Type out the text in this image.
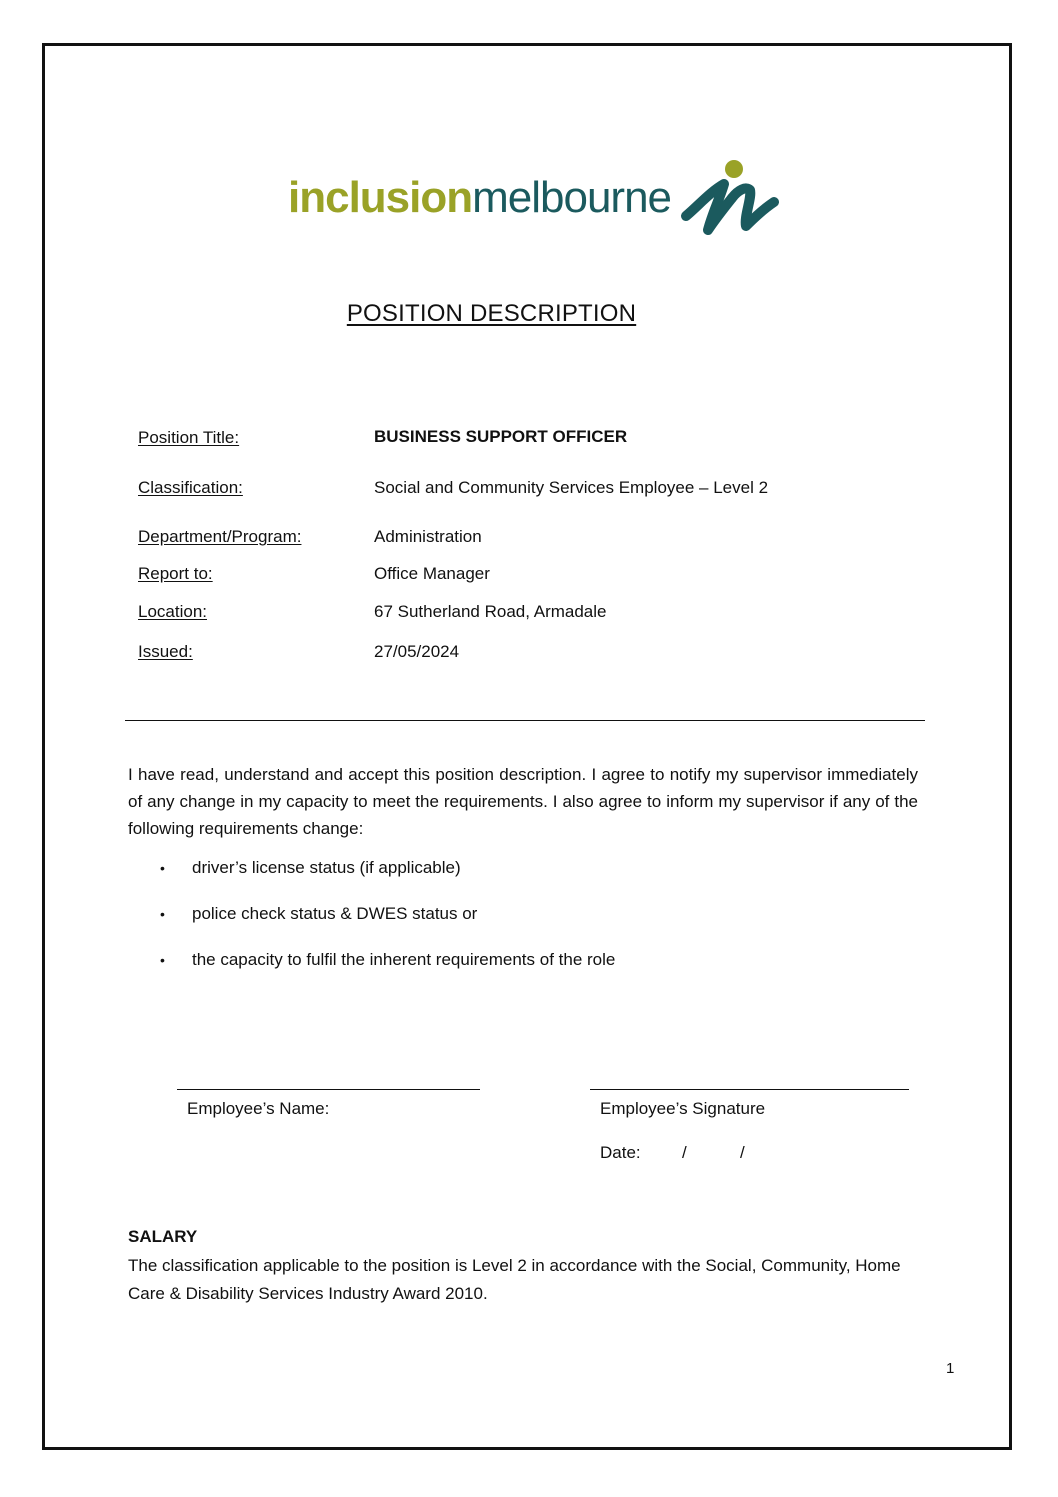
inclusionmelbourne
POSITION DESCRIPTION
Position Title:	BUSINESS SUPPORT OFFICER
Classification:	Social and Community Services Employee – Level 2
Department/Program:	Administration
Report to:	Office Manager
Location:	67 Sutherland Road, Armadale
Issued:	27/05/2024

I have read, understand and accept this position description. I agree to notify my supervisor immediately of any change in my capacity to meet the requirements. I also agree to inform my supervisor if any of the following requirements change:

• driver’s license status (if applicable)
• police check status & DWES status or
• the capacity to fulfil the inherent requirements of the role
Employee’s Name:	Employee’s Signature
Date: /	/
SALARY

The classification applicable to the position is Level 2 in accordance with the Social, Community, Home Care & Disability Services Industry Award 2010.

1
